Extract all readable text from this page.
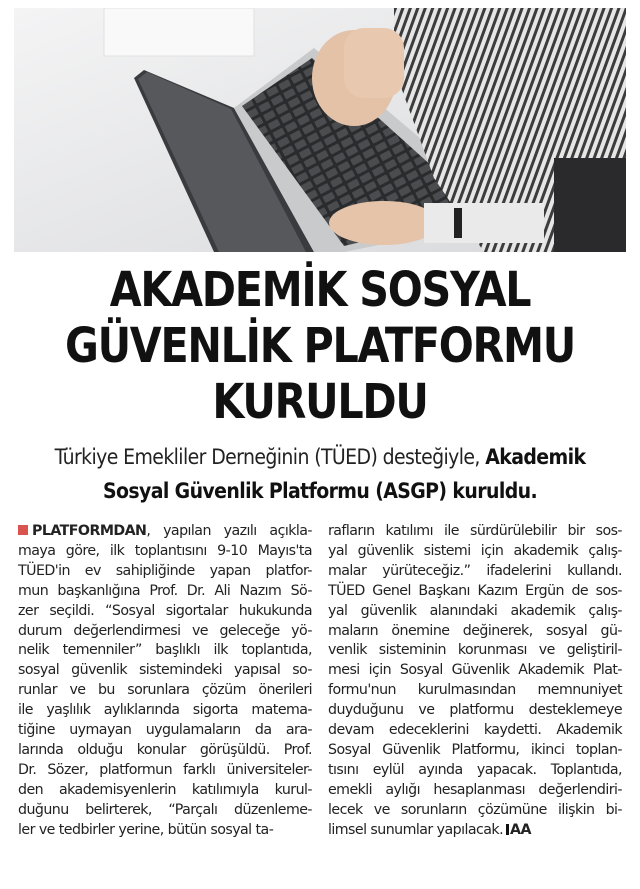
AKADEMİK SOSYAL
GÜVENLİK PLATFORMU
KURULDU
Türkiye Emekliler Derneğinin (TÜED) desteğiyle, Akademik
Sosyal Güvenlik Platformu (ASGP) kuruldu.
PLATFORMDAN, yapılan yazılı açıkla-
maya göre, ilk toplantısını 9-10 Mayıs'ta
TÜED'in ev sahipliğinde yapan platfor-
mun başkanlığına Prof. Dr. Ali Nazım Sö-
zer seçildi. “Sosyal sigortalar hukukunda
durum değerlendirmesi ve geleceğe yö-
nelik temenniler” başlıklı ilk toplantıda,
sosyal güvenlik sistemindeki yapısal so-
runlar ve bu sorunlara çözüm önerileri
ile yaşlılık aylıklarında sigorta matema-
tiğine uymayan uygulamaların da ara-
larında olduğu konular görüşüldü. Prof.
Dr. Sözer, platformun farklı üniversiteler-
den akademisyenlerin katılımıyla kurul-
duğunu belirterek, “Parçalı düzenleme-
ler ve tedbirler yerine, bütün sosyal ta-
rafların katılımı ile sürdürülebilir bir sos-
yal güvenlik sistemi için akademik çalış-
malar yürüteceğiz.” ifadelerini kullandı.
TÜED Genel Başkanı Kazım Ergün de sos-
yal güvenlik alanındaki akademik çalış-
maların önemine değinerek, sosyal gü-
venlik sisteminin korunması ve geliştiril-
mesi için Sosyal Güvenlik Akademik Plat-
formu'nun kurulmasından memnuniyet
duyduğunu ve platformu desteklemeye
devam edeceklerini kaydetti. Akademik
Sosyal Güvenlik Platformu, ikinci toplan-
tısını eylül ayında yapacak. Toplantıda,
emekli aylığı hesaplanması değerlendiri-
lecek ve sorunların çözümüne ilişkin bi-
limsel sunumlar yapılacak. AA
